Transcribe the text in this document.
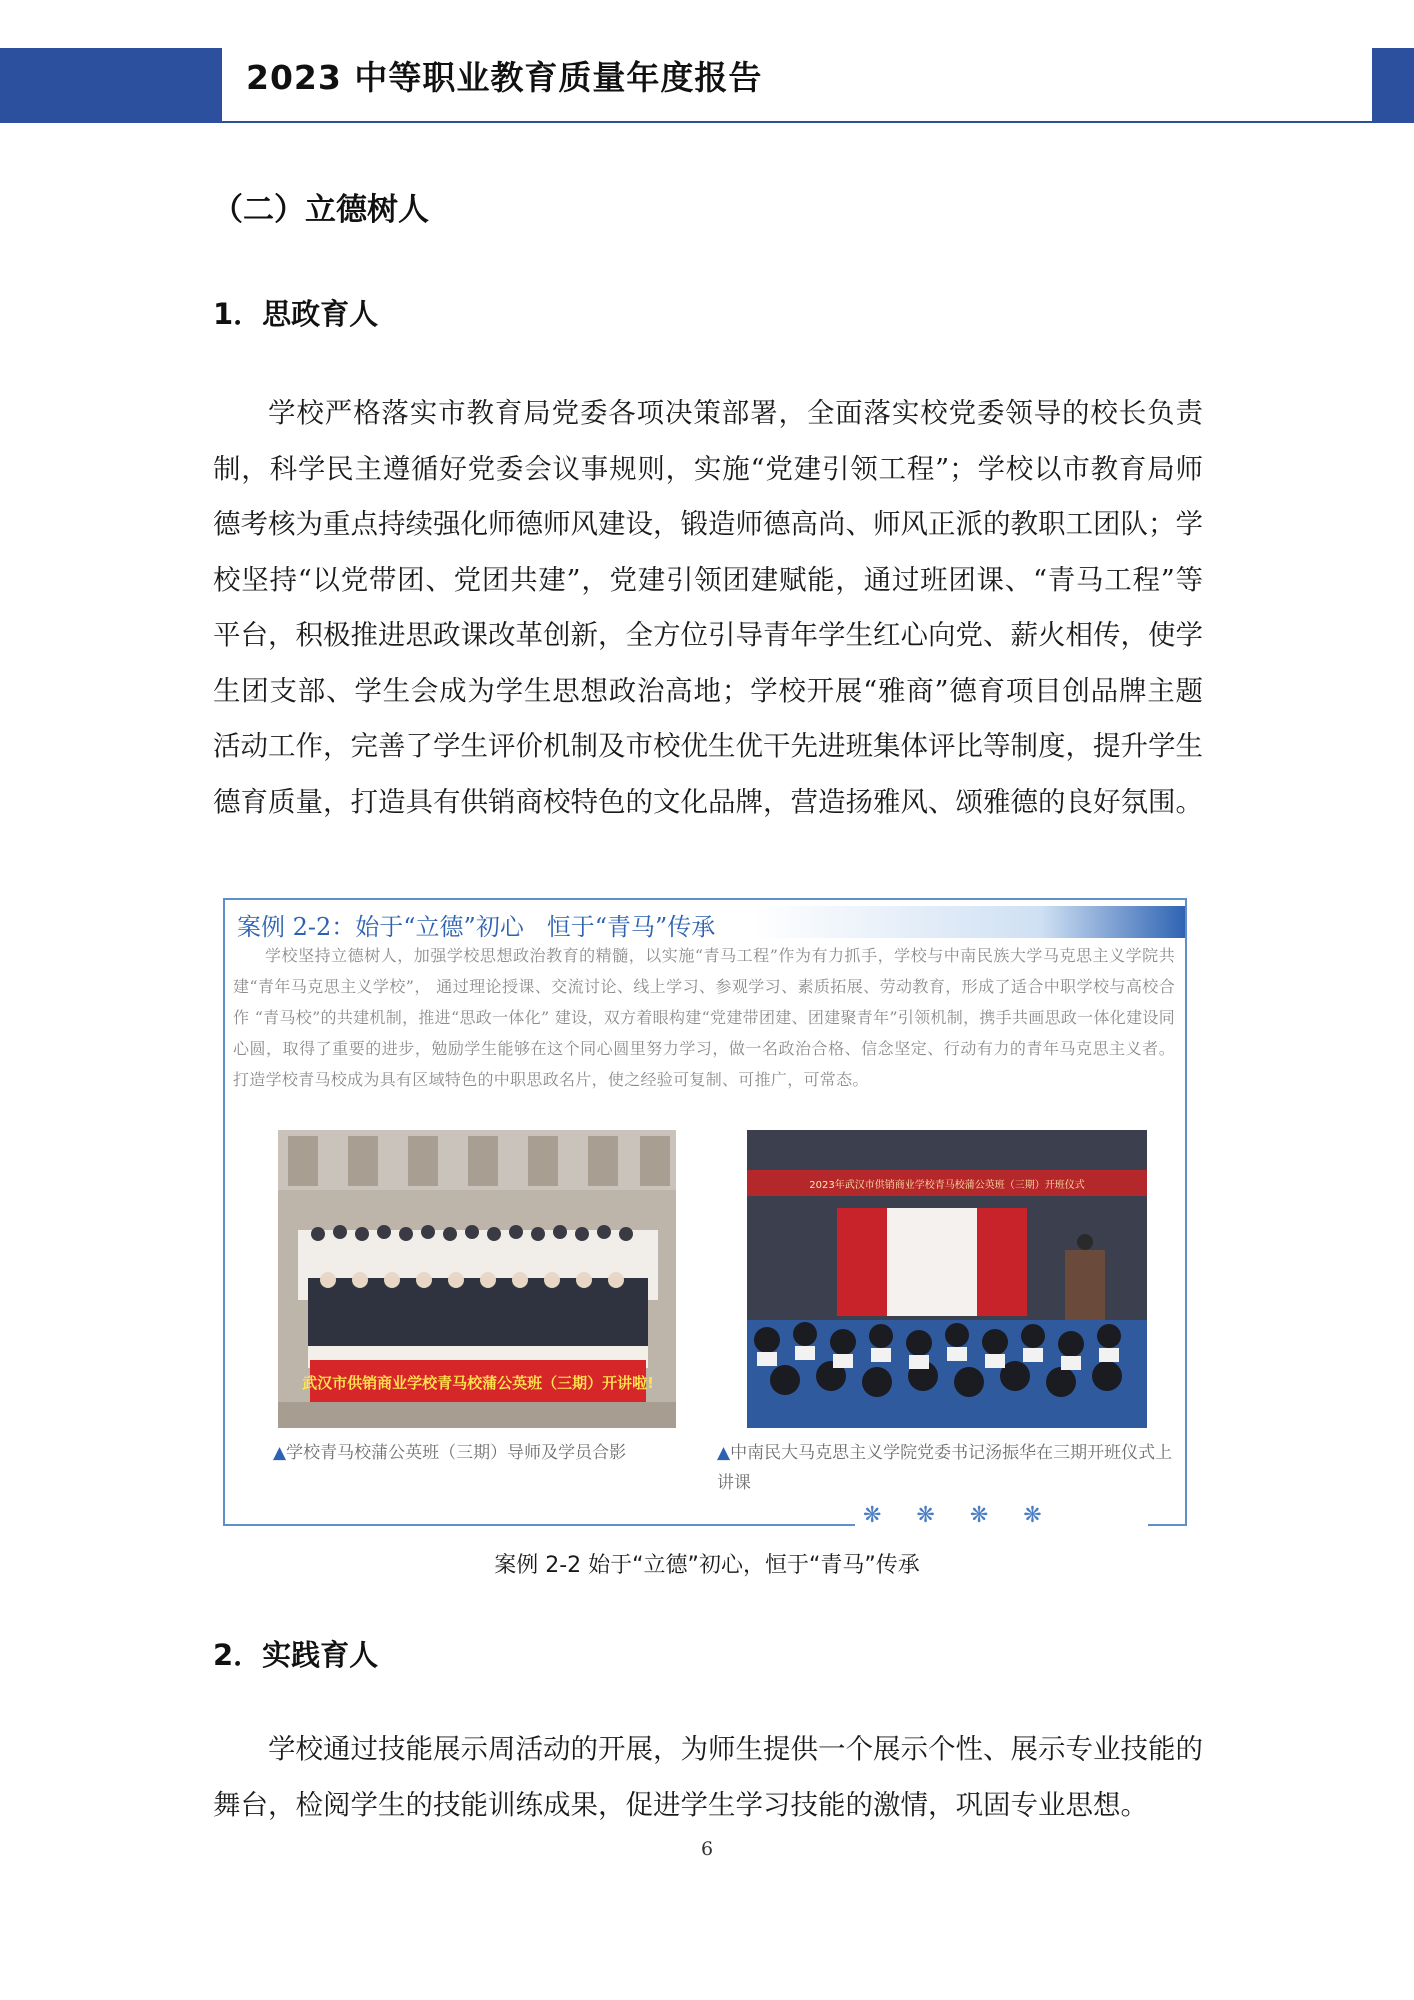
2023 中等职业教育质量年度报告
（二）立德树人
1．思政育人

学校严格落实市教育局党委各项决策部署，全面落实校党委领导的校长负责制，科学民主遵循好党委会议事规则，实施“党建引领工程”；学校以市教育局师德考核为重点持续强化师德师风建设，锻造师德高尚、师风正派的教职工团队；学校坚持“以党带团、党团共建”，党建引领团建赋能，通过班团课、“青马工程”等平台，积极推进思政课改革创新，全方位引导青年学生红心向党、薪火相传，使学生团支部、学生会成为学生思想政治高地；学校开展“雅商”德育项目创品牌主题活动工作，完善了学生评价机制及市校优生优干先进班集体评比等制度，提升学生德育质量，打造具有供销商校特色的文化品牌，营造扬雅风、颂雅德的良好氛围。

案例 2-2：始于“立德”初心   恒于“青马”传承

学校坚持立德树人，加强学校思想政治教育的精髓，以实施“青马工程”作为有力抓手，学校与中南民族大学马克思主义学院共建“青年马克思主义学校”， 通过理论授课、交流讨论、线上学习、参观学习、素质拓展、劳动教育，形成了适合中职学校与高校合作 “青马校”的共建机制，推进“思政一体化” 建设，双方着眼构建“党建带团建、团建聚青年”引领机制，携手共画思政一体化建设同心圆，取得了重要的进步，勉励学生能够在这个同心圆里努力学习，做一名政治合格、信念坚定、行动有力的青年马克思主义者。打造学校青马校成为具有区域特色的中职思政名片，使之经验可复制、可推广，可常态。

武汉市供销商业学校青马校蒲公英班（三期）开讲啦!
▲学校青马校蒲公英班（三期）导师及学员合影
2023年武汉市供销商业学校青马校蒲公英班（三期）开班仪式
▲中南民大马克思主义学院党委书记汤振华在三期开班仪式上讲课
❋ ❋ ❋ ❋
案例 2-2 始于“立德”初心，恒于“青马”传承
2．实践育人

学校通过技能展示周活动的开展，为师生提供一个展示个性、展示专业技能的舞台，检阅学生的技能训练成果，促进学生学习技能的激情，巩固专业思想。

6
